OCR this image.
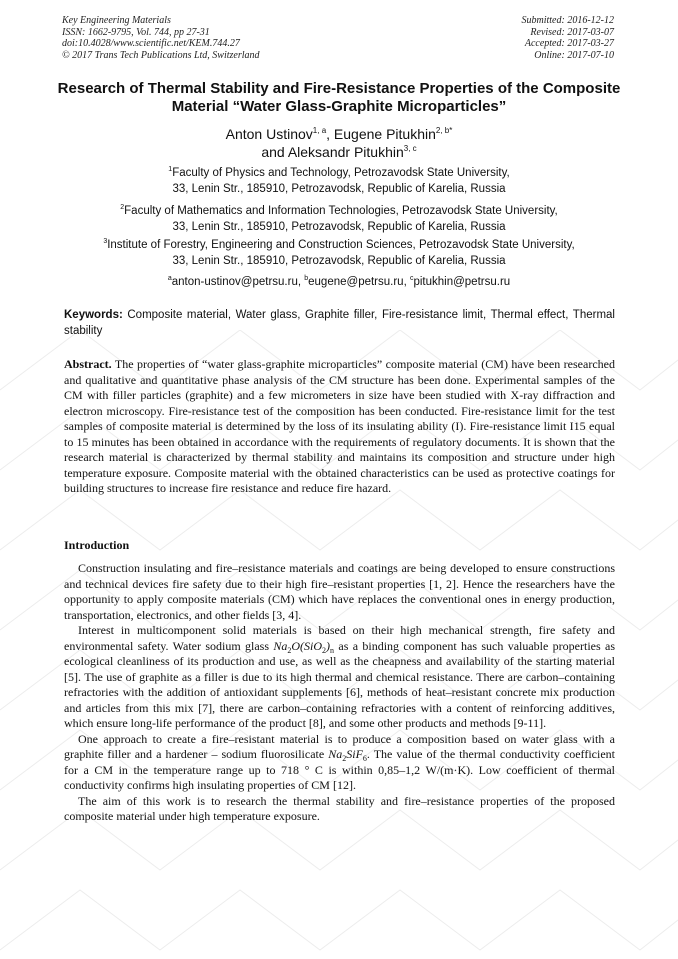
Key Engineering Materials
ISSN: 1662-9795, Vol. 744, pp 27-31
doi:10.4028/www.scientific.net/KEM.744.27
© 2017 Trans Tech Publications Ltd, Switzerland
Submitted: 2016-12-12
Revised: 2017-03-07
Accepted: 2017-03-27
Online: 2017-07-10
Research of Thermal Stability and Fire-Resistance Properties of the Composite Material “Water Glass-Graphite Microparticles”
Anton Ustinov$^{1, a}$, Eugene Pitukhin$^{2, b*}$
and Aleksandr Pitukhin$^{3, c}$
$^1$Faculty of Physics and Technology, Petrozavodsk State University,
33, Lenin Str., 185910, Petrozavodsk, Republic of Karelia, Russia
$^2$Faculty of Mathematics and Information Technologies, Petrozavodsk State University,
33, Lenin Str., 185910, Petrozavodsk, Republic of Karelia, Russia
$^3$Institute of Forestry, Engineering and Construction Sciences, Petrozavodsk State University,
33, Lenin Str., 185910, Petrozavodsk, Republic of Karelia, Russia
$^a$anton-ustinov@petrsu.ru, $^b$eugene@petrsu.ru, $^c$pitukhin@petrsu.ru
Keywords: Composite material, Water glass, Graphite filler, Fire-resistance limit, Thermal effect, Thermal stability

Abstract. The properties of “water glass-graphite microparticles” composite material (CM) have been researched and qualitative and quantitative phase analysis of the CM structure has been done. Experimental samples of the CM with filler particles (graphite) and a few micrometers in size have been studied with X-ray diffraction and electron microscopy. Fire-resistance test of the composition has been conducted. Fire-resistance limit for the test samples of composite material is determined by the loss of its insulating ability (I). Fire-resistance limit I15 equal to 15 minutes has been obtained in accordance with the requirements of regulatory documents. It is shown that the research material is characterized by thermal stability and maintains its composition and structure under high temperature exposure. Composite material with the obtained characteristics can be used as protective coatings for building structures to increase fire resistance and reduce fire hazard.

Introduction

Construction insulating and fire–resistance materials and coatings are being developed to ensure constructions and technical devices fire safety due to their high fire–resistant properties [1, 2]. Hence the researchers have the opportunity to apply composite materials (CM) which have replaces the conventional ones in energy production, transportation, electronics, and other fields [3, 4].

Interest in multicomponent solid materials is based on their high mechanical strength, fire safety and environmental safety. Water sodium glass $Na_2O(SiO_2)_n$ as a binding component has such valuable properties as ecological cleanliness of its production and use, as well as the cheapness and availability of the starting material [5]. The use of graphite as a filler is due to its high thermal and chemical resistance. There are carbon–containing refractories with the addition of antioxidant supplements [6], methods of heat–resistant concrete mix production and articles from this mix [7], there are carbon–containing refractories with a content of reinforcing additives, which ensure long-life performance of the product [8], and some other products and methods [9-11].

One approach to create a fire–resistant material is to produce a composition based on water glass with a graphite filler and a hardener – sodium fluorosilicate $Na_2SiF_6$. The value of the thermal conductivity coefficient for a CM in the temperature range up to 718 ° C is within 0,85–1,2 W/(m·K). Low coefficient of thermal conductivity confirms high insulating properties of CM [12].

The aim of this work is to research the thermal stability and fire–resistance properties of the proposed composite material under high temperature exposure.
